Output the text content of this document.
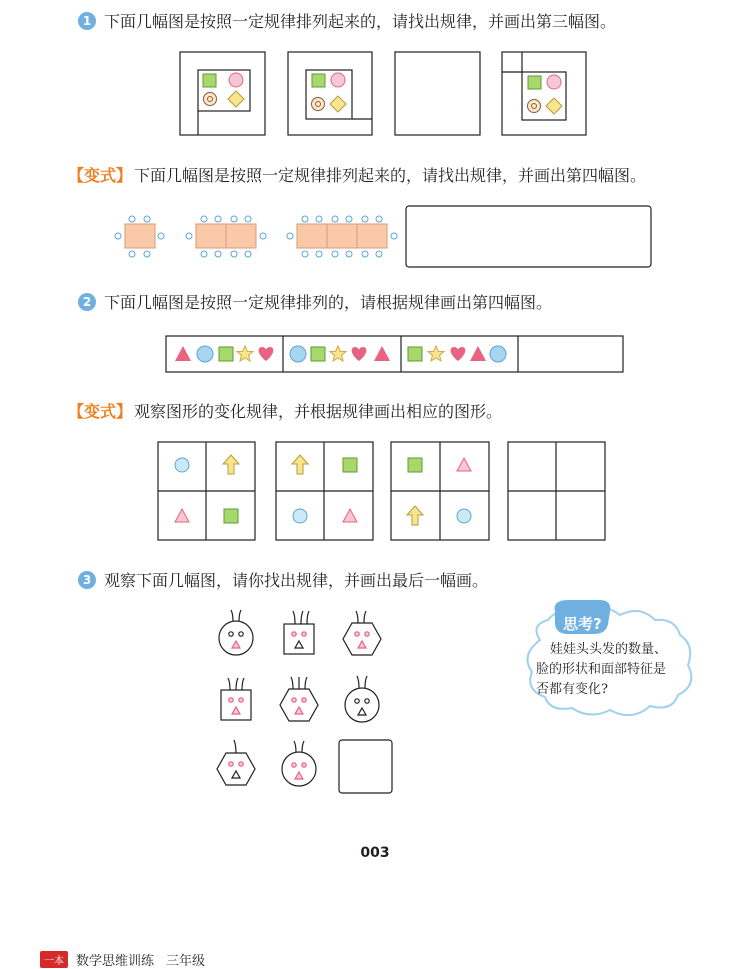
1 下面几幅图是按照一定规律排列起来的，请找出规律，并画出第三幅图。
【变式】 下面几幅图是按照一定规律排列起来的，请找出规律，并画出第四幅图。
2 下面几幅图是按照一定规律排列的，请根据规律画出第四幅图。
【变式】 观察图形的变化规律，并根据规律画出相应的图形。
3 观察下面几幅图，请你找出规律，并画出最后一幅画。
思考?
娃娃头头发的数量、
脸的形状和面部特征是
否都有变化?
003
一本 数学思维训练 三年级
